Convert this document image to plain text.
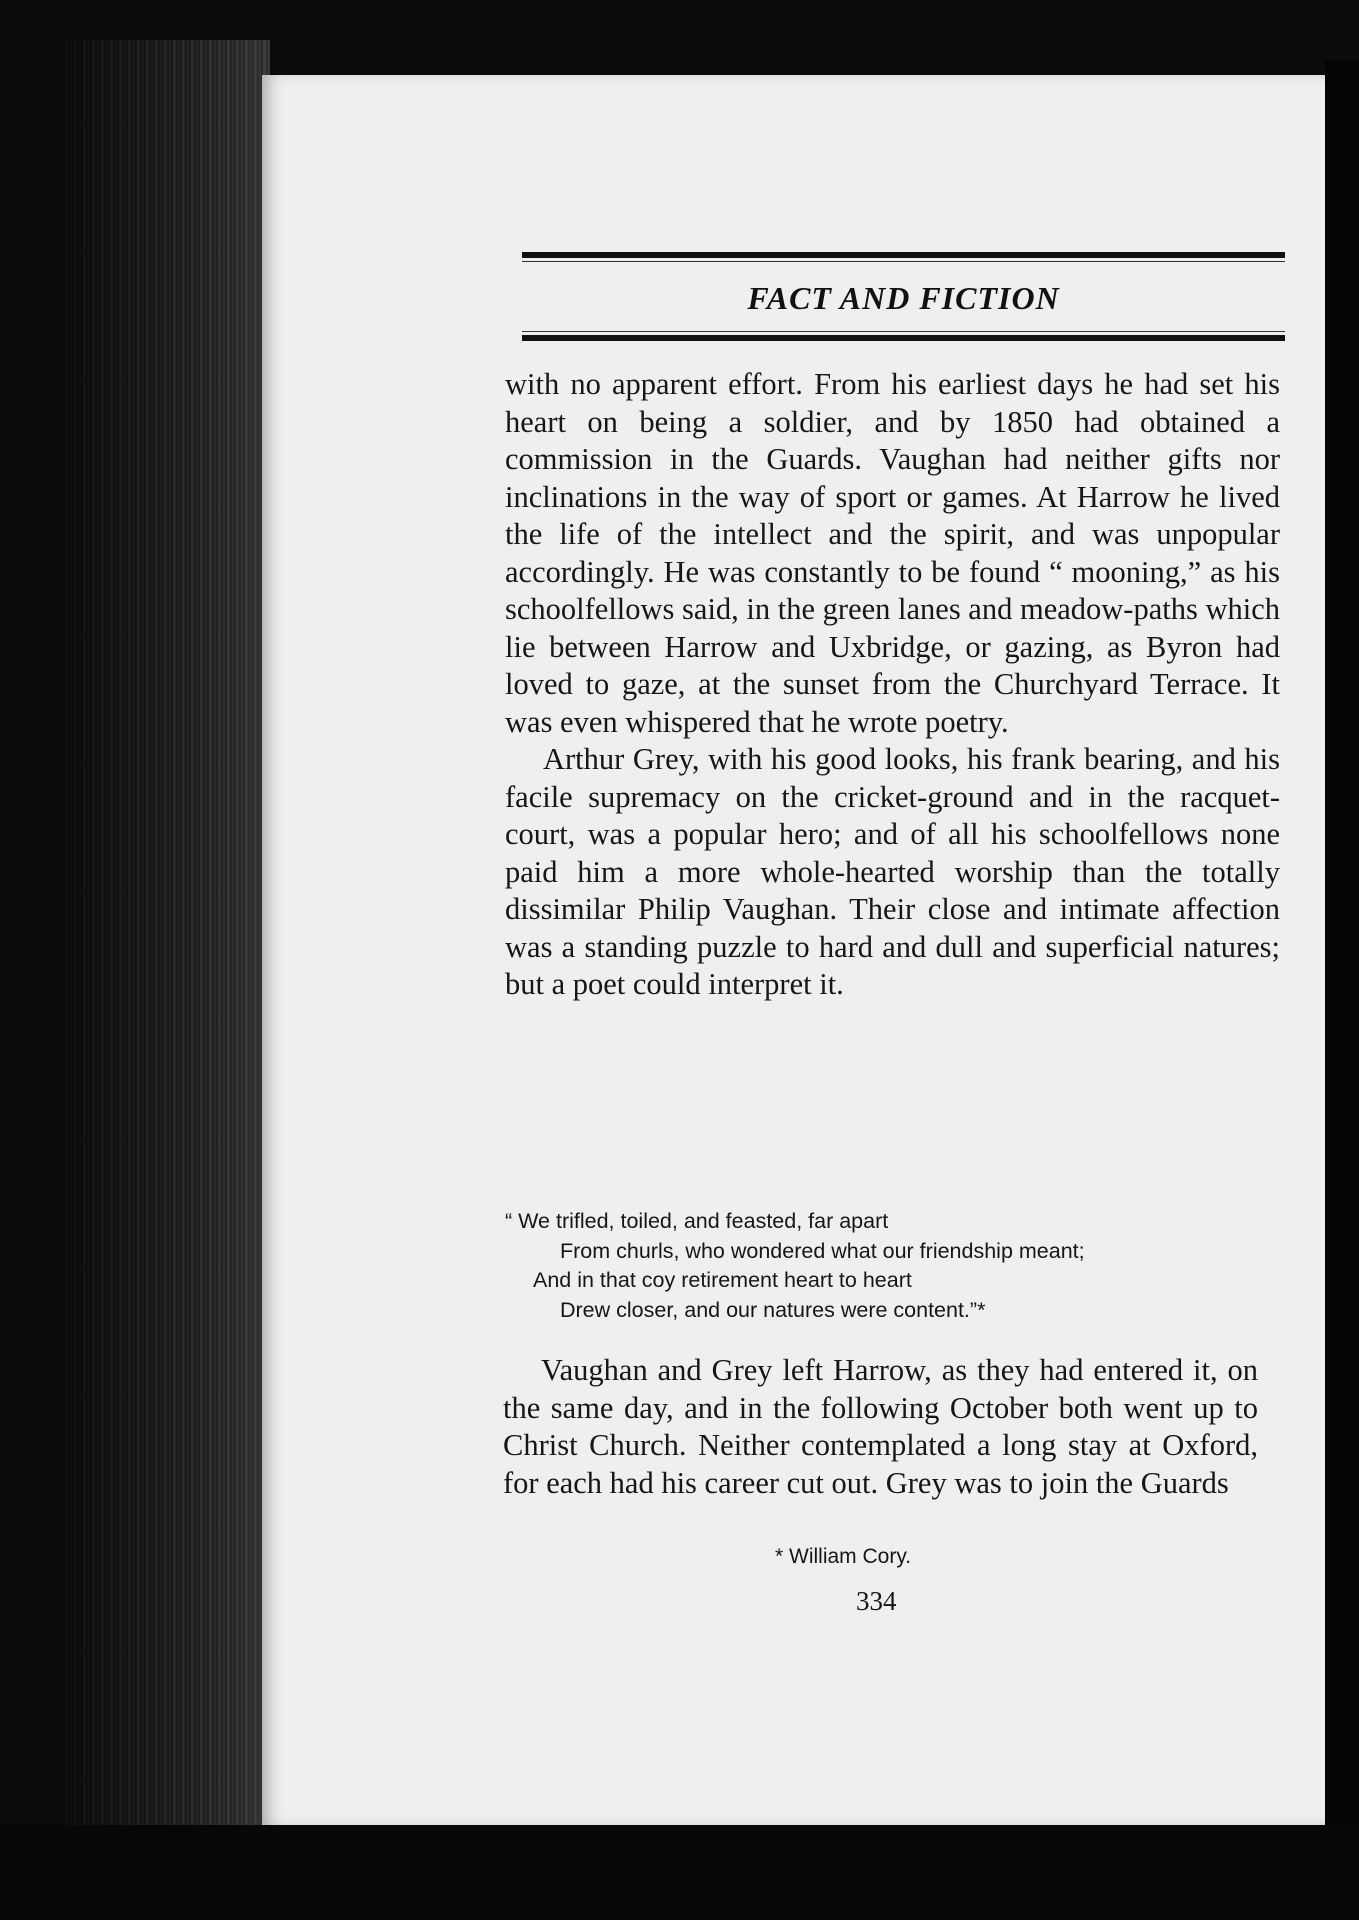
FACT AND FICTION

with no apparent effort. From his earliest days he had set his heart on being a soldier, and by 1850 had obtained a commission in the Guards. Vaughan had neither gifts nor inclinations in the way of sport or games. At Harrow he lived the life of the intellect and the spirit, and was unpopular accordingly. He was constantly to be found “ mooning,” as his schoolfellows said, in the green lanes and meadow-paths which lie between Harrow and Uxbridge, or gazing, as Byron had loved to gaze, at the sunset from the Churchyard Terrace. It was even whispered that he wrote poetry.

Arthur Grey, with his good looks, his frank bearing, and his facile supremacy on the cricket-ground and in the racquet-court, was a popular hero; and of all his schoolfellows none paid him a more whole-hearted worship than the totally dissimilar Philip Vaughan. Their close and intimate affection was a standing puzzle to hard and dull and superficial natures; but a poet could interpret it.

“ We trifled, toiled, and feasted, far apart
From churls, who wondered what our friendship meant;
And in that coy retirement heart to heart
Drew closer, and our natures were content.”*

Vaughan and Grey left Harrow, as they had entered it, on the same day, and in the following October both went up to Christ Church. Neither contemplated a long stay at Oxford, for each had his career cut out. Grey was to join the Guards

* William Cory.
334
